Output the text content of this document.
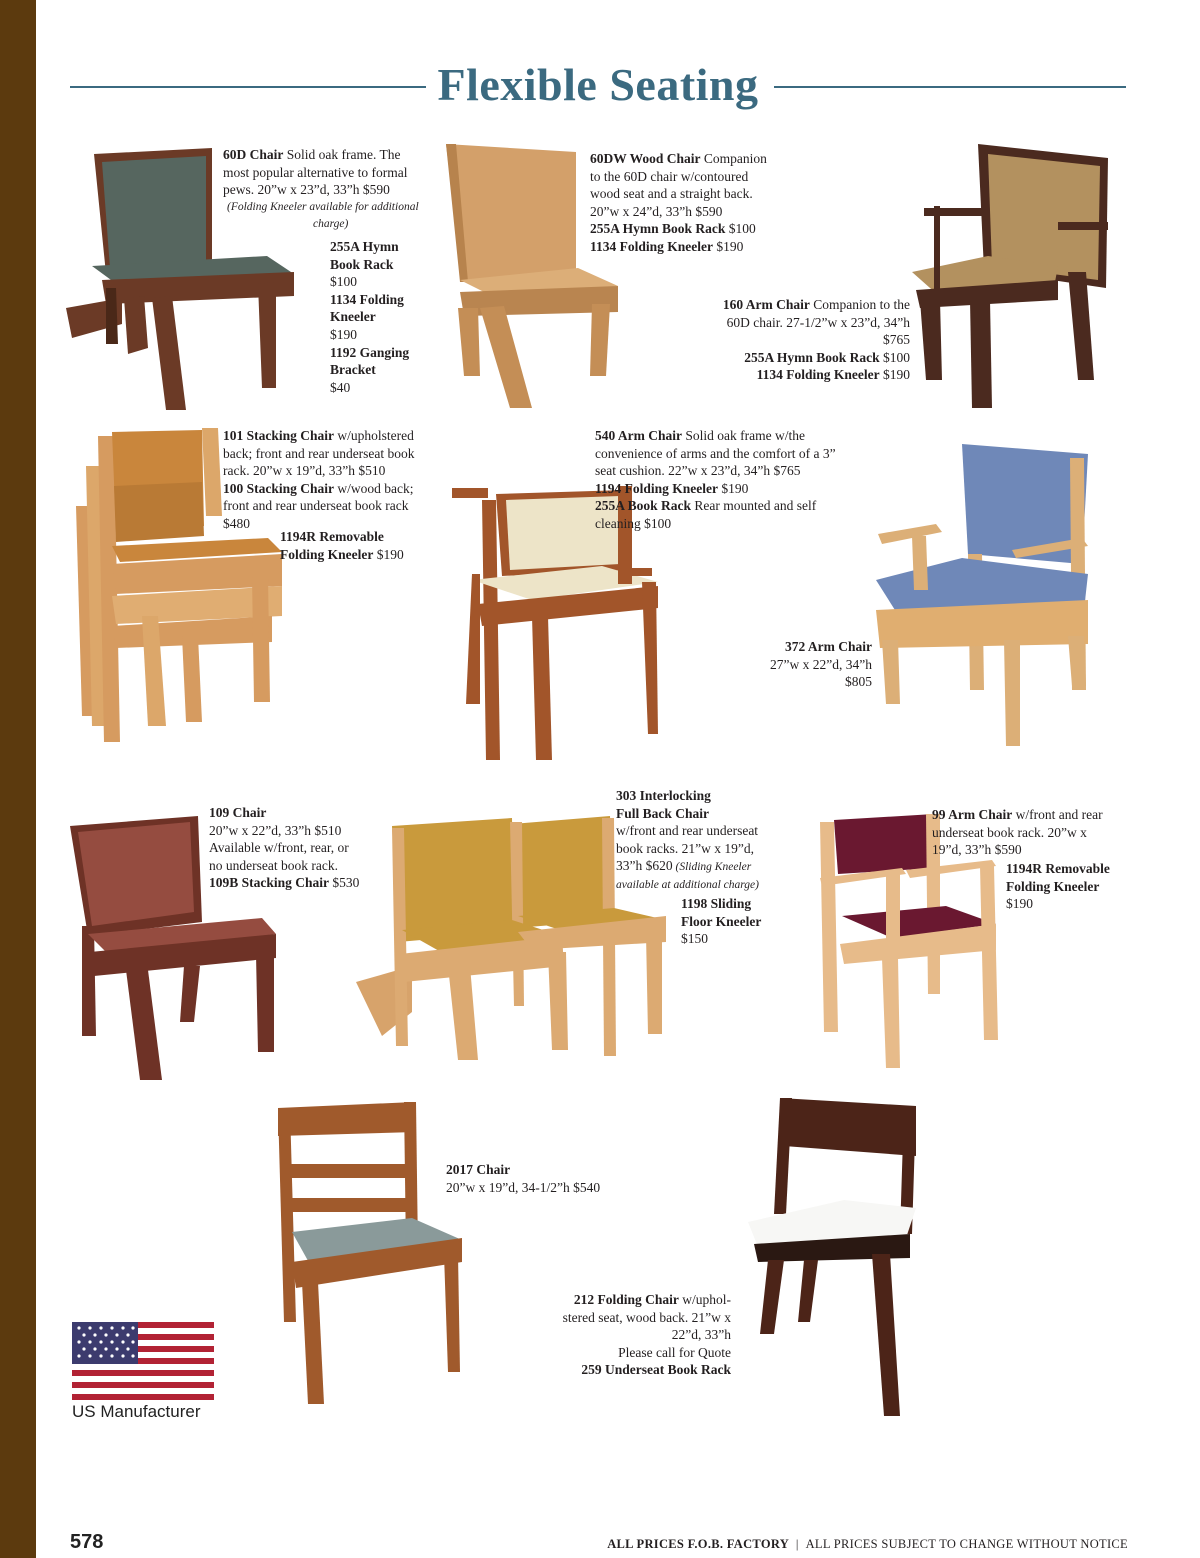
Flexible Seating
60D Chair Solid oak frame. The
most popular alternative to formal
pews. 20”w x 23”d, 33”h $590
(Folding Kneeler available for additional
charge)
255A Hymn
Book Rack
$100
1134 Folding
Kneeler
$190
1192 Ganging
Bracket
$40
60DW Wood Chair Companion
to the 60D chair w/contoured
wood seat and a straight back.
20”w x 24”d, 33”h $590
255A Hymn Book Rack $100
1134 Folding Kneeler $190
160 Arm Chair Companion to the
60D chair. 27-1/2”w x 23”d, 34”h
$765
255A Hymn Book Rack $100
1134 Folding Kneeler $190
101 Stacking Chair w/upholstered
back; front and rear underseat book
rack. 20”w x 19”d, 33”h $510
100 Stacking Chair w/wood back;
front and rear underseat book rack
$480
1194R Removable
Folding Kneeler $190
540 Arm Chair Solid oak frame w/the
convenience of arms and the comfort of a 3”
seat cushion. 22”w x 23”d, 34”h $765
1194 Folding Kneeler $190
255A Book Rack Rear mounted and self
cleaning $100
372 Arm Chair
27”w x 22”d, 34”h
$805
109 Chair
20”w x 22”d, 33”h $510
Available w/front, rear, or
no underseat book rack.
109B Stacking Chair $530
303 Interlocking
Full Back Chair
w/front and rear underseat
book racks. 21”w x 19”d,
33”h $620 (Sliding Kneeler
available at additional charge)
1198 Sliding
Floor Kneeler
$150
99 Arm Chair w/front and rear
underseat book rack. 20”w x
19”d, 33”h $590
1194R Removable
Folding Kneeler
$190
2017 Chair
20”w x 19”d, 34-1/2”h $540
212 Folding Chair w/uphol-
stered seat, wood back. 21”w x
22”d, 33”h
Please call for Quote
259 Underseat Book Rack
US Manufacturer
578	ALL PRICES F.O.B. FACTORY | ALL PRICES SUBJECT TO CHANGE WITHOUT NOTICE
